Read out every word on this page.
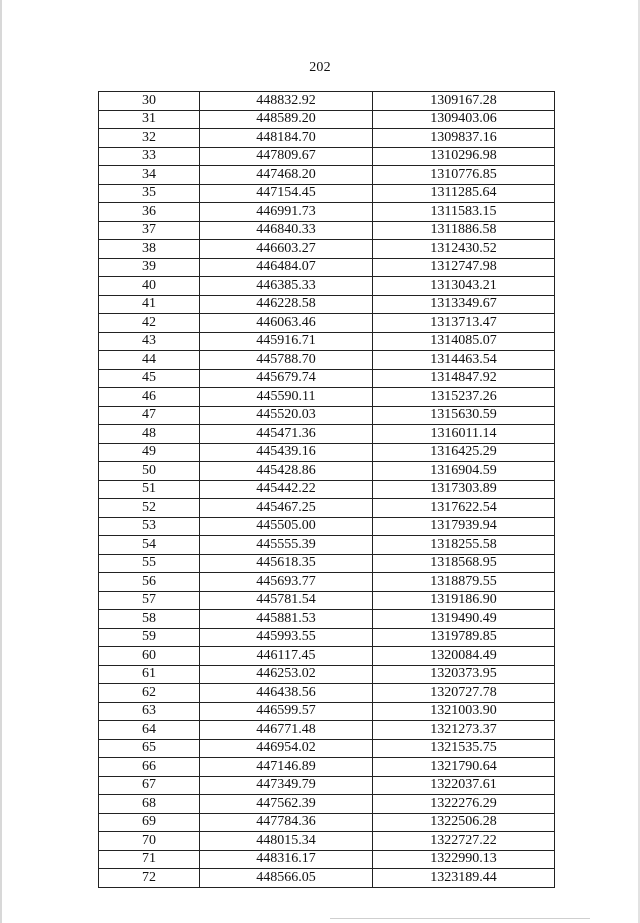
202
30	448832.92	1309167.28
31	448589.20	1309403.06
32	448184.70	1309837.16
33	447809.67	1310296.98
34	447468.20	1310776.85
35	447154.45	1311285.64
36	446991.73	1311583.15
37	446840.33	1311886.58
38	446603.27	1312430.52
39	446484.07	1312747.98
40	446385.33	1313043.21
41	446228.58	1313349.67
42	446063.46	1313713.47
43	445916.71	1314085.07
44	445788.70	1314463.54
45	445679.74	1314847.92
46	445590.11	1315237.26
47	445520.03	1315630.59
48	445471.36	1316011.14
49	445439.16	1316425.29
50	445428.86	1316904.59
51	445442.22	1317303.89
52	445467.25	1317622.54
53	445505.00	1317939.94
54	445555.39	1318255.58
55	445618.35	1318568.95
56	445693.77	1318879.55
57	445781.54	1319186.90
58	445881.53	1319490.49
59	445993.55	1319789.85
60	446117.45	1320084.49
61	446253.02	1320373.95
62	446438.56	1320727.78
63	446599.57	1321003.90
64	446771.48	1321273.37
65	446954.02	1321535.75
66	447146.89	1321790.64
67	447349.79	1322037.61
68	447562.39	1322276.29
69	447784.36	1322506.28
70	448015.34	1322727.22
71	448316.17	1322990.13
72	448566.05	1323189.44
